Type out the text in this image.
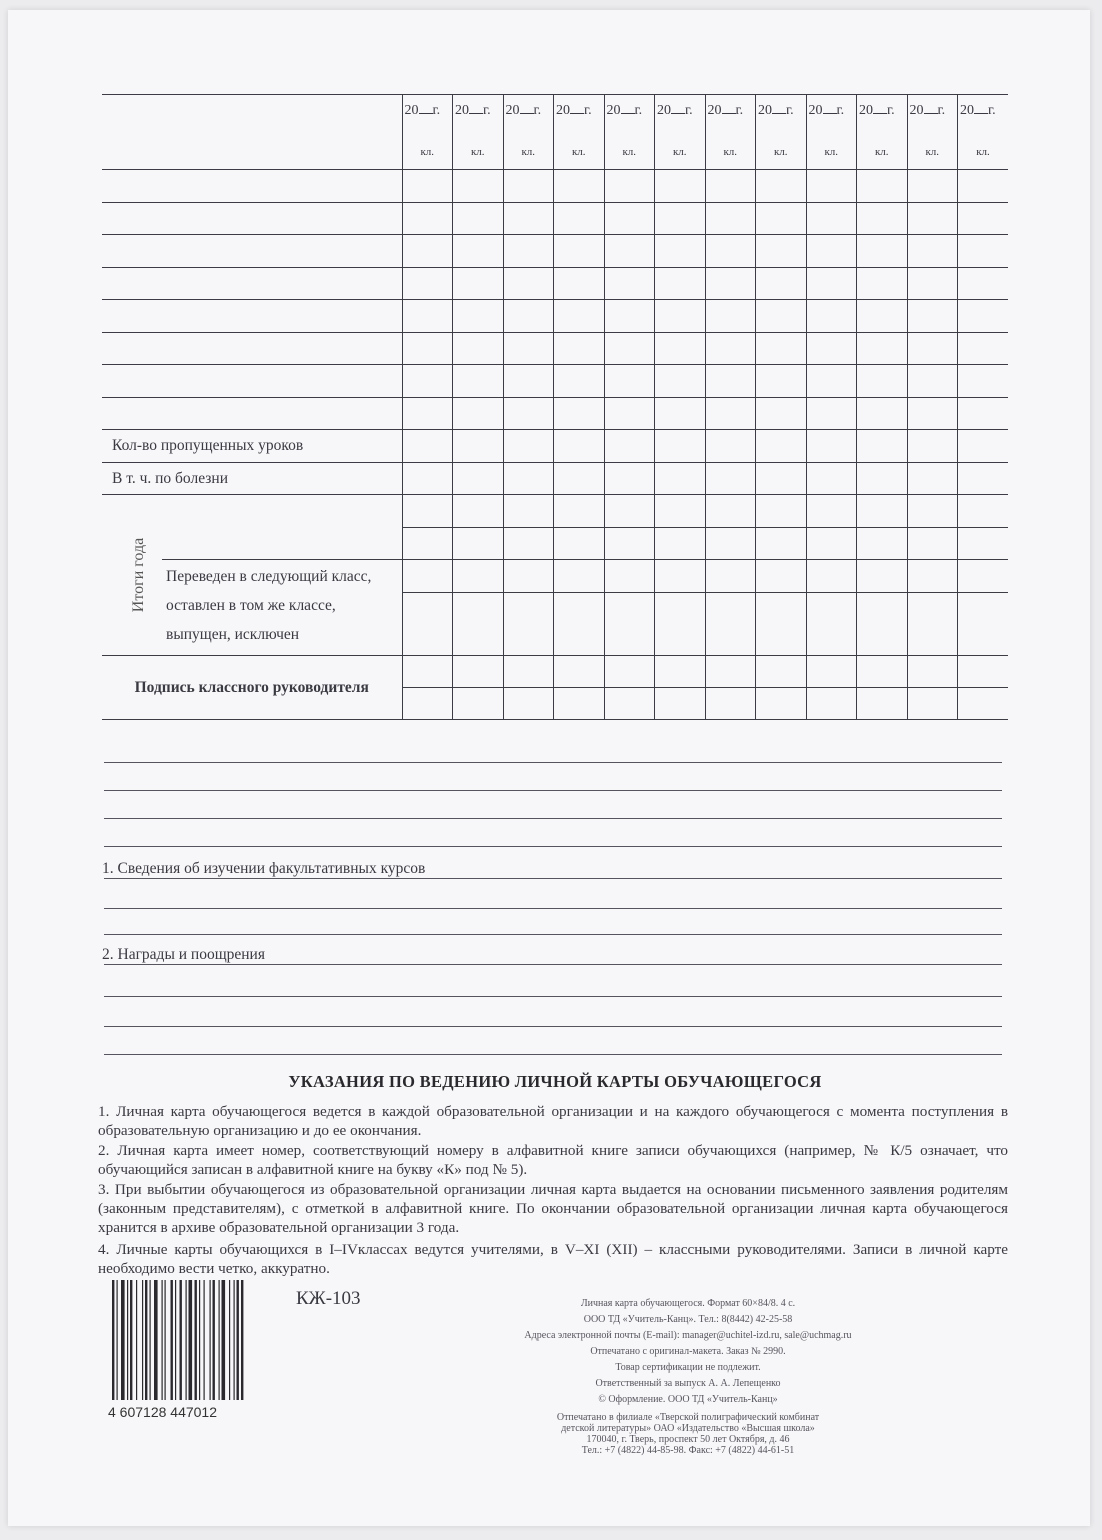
		20 г.	20 г.	20 г.	20 г.	20 г.	20 г.	20 г.	20 г.	20 г.	20 г.	20 г.	20 г.
		кл.	кл.	кл.	кл.	кл.	кл.	кл.	кл.	кл.	кл.	кл.	кл.

Кол-во пропущенных уроков													
В т. ч. по болезни													
Итоги года													

	Переведен в следующий класс, оставлен в том же классе, выпущен, исключен												

Подпись классного руководителя													

1. Сведения об изучении факультативных курсов
2. Награды и поощрения
УКАЗАНИЯ ПО ВЕДЕНИЮ ЛИЧНОЙ КАРТЫ ОБУЧАЮЩЕГОСЯ
1. Личная карта обучающегося ведется в каждой образовательной организации и на каждого обучающегося с момента поступления в образовательную организацию и до ее окончания.
2. Личная карта имеет номер, соответствующий номеру в алфавитной книге записи обучающихся (например, № К/5 означает, что обучающийся записан в алфавитной книге на букву «К» под № 5).
3. При выбытии обучающегося из образовательной организации личная карта выдается на основании письменного заявления родителям (законным представителям), с отметкой в алфавитной книге. По окончании образовательной организации личная карта обучающегося хранится в архиве образовательной организации 3 года.
4. Личные карты обучающихся в I–IVклассах ведутся учителями, в V–XI (XII) – классными руководителями. Записи в личной карте необходимо вести четко, аккуратно.
4 607128 447012
КЖ-103	Личная карта обучающегося. Формат 60×84/8. 4 с.
ООО ТД «Учитель-Канц». Тел.: 8(8442) 42-25-58
Адреса электронной почты (E-mail): manager@uchitel-izd.ru, sale@uchmag.ru
Отпечатано с оригинал-макета. Заказ № 2990.
Товар сертификации не подлежит.
Ответственный за выпуск А. А. Лепещенко
© Оформление. ООО ТД «Учитель-Канц»
Отпечатано в филиале «Тверской полиграфический комбинат
детской литературы» ОАО «Издательство «Высшая школа»
170040, г. Тверь, проспект 50 лет Октября, д. 46
Тел.: +7 (4822) 44-85-98. Факс: +7 (4822) 44-61-51
